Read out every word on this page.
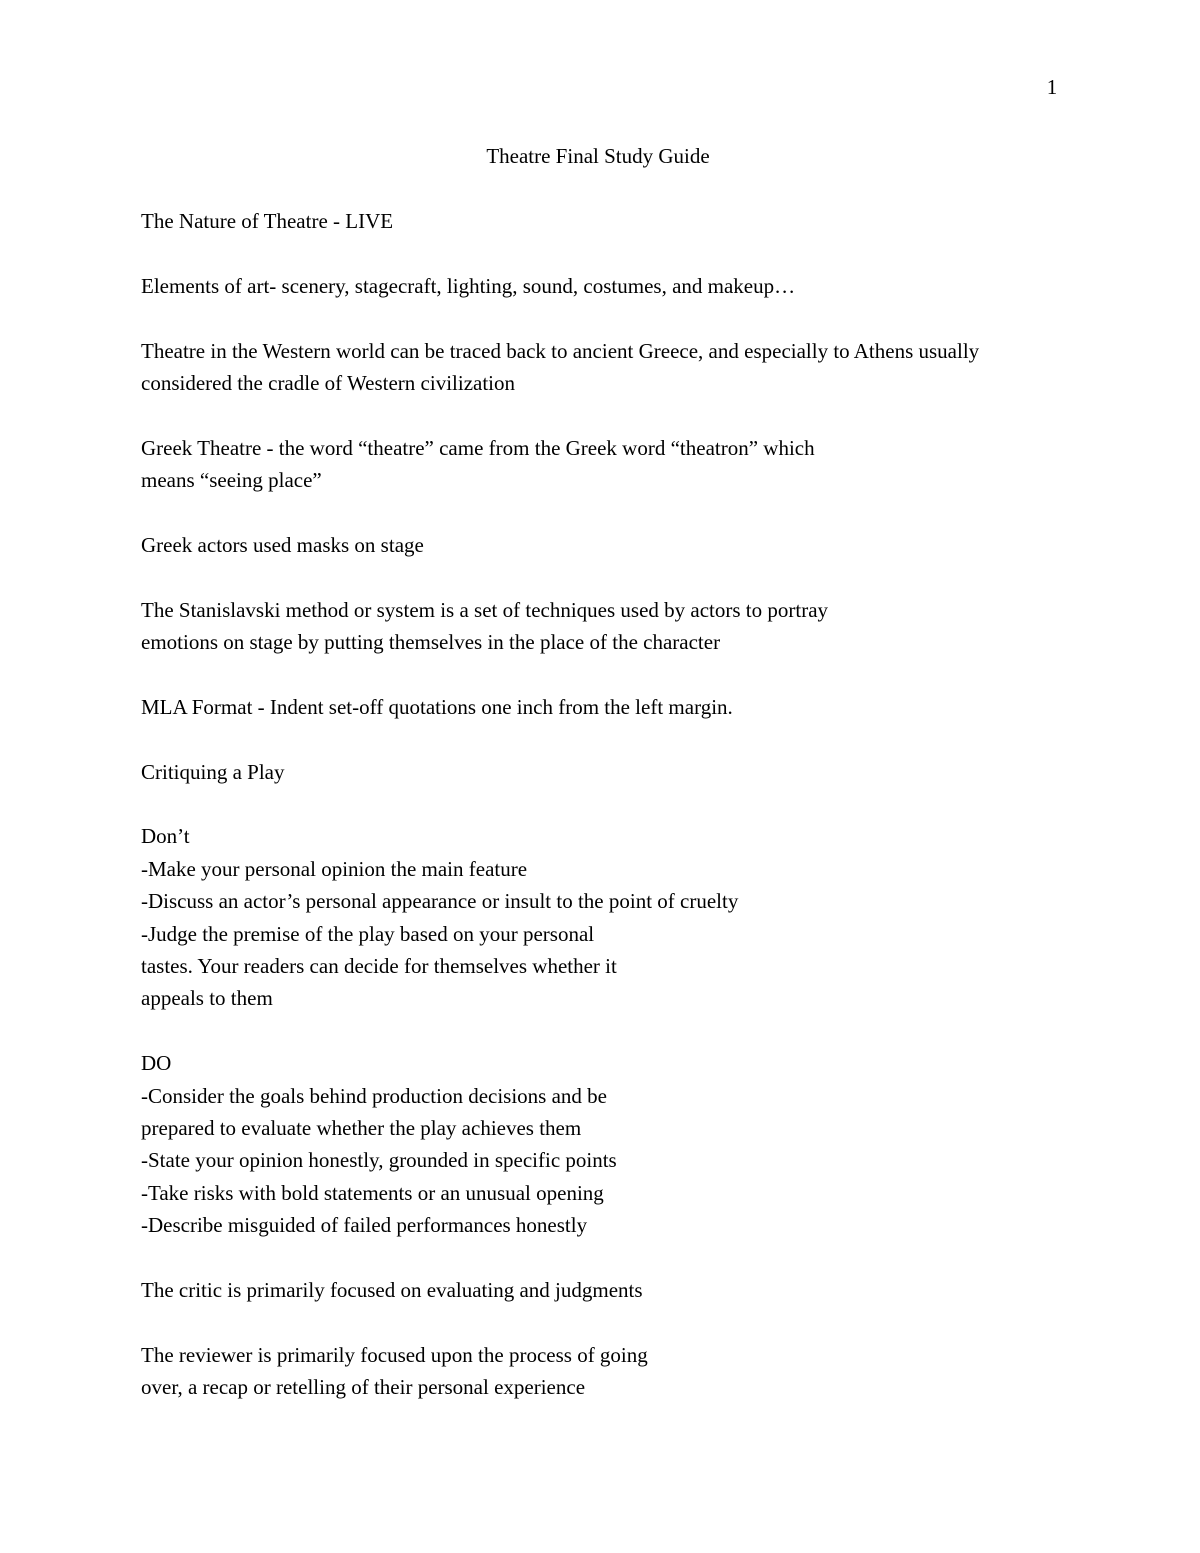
1
Theatre Final Study Guide
The Nature of Theatre - LIVE
Elements of art- scenery, stagecraft, lighting, sound, costumes, and makeup…
Theatre in the Western world can be traced back to ancient Greece, and especially to Athens usually
considered the cradle of Western civilization
Greek Theatre - the word “theatre” came from the Greek word “theatron” which
means “seeing place”
Greek actors used masks on stage
The Stanislavski method or system is a set of techniques used by actors to portray
emotions on stage by putting themselves in the place of the character
MLA Format - Indent set-off quotations one inch from the left margin.
Critiquing a Play
Don’t
-Make your personal opinion the main feature
-Discuss an actor’s personal appearance or insult to the point of cruelty
-Judge the premise of the play based on your personal
tastes. Your readers can decide for themselves whether it
appeals to them
DO
-Consider the goals behind production decisions and be
prepared to evaluate whether the play achieves them
-State your opinion honestly, grounded in specific points
-Take risks with bold statements or an unusual opening
-Describe misguided of failed performances honestly
The critic is primarily focused on evaluating and judgments
The reviewer is primarily focused upon the process of going
over, a recap or retelling of their personal experience
